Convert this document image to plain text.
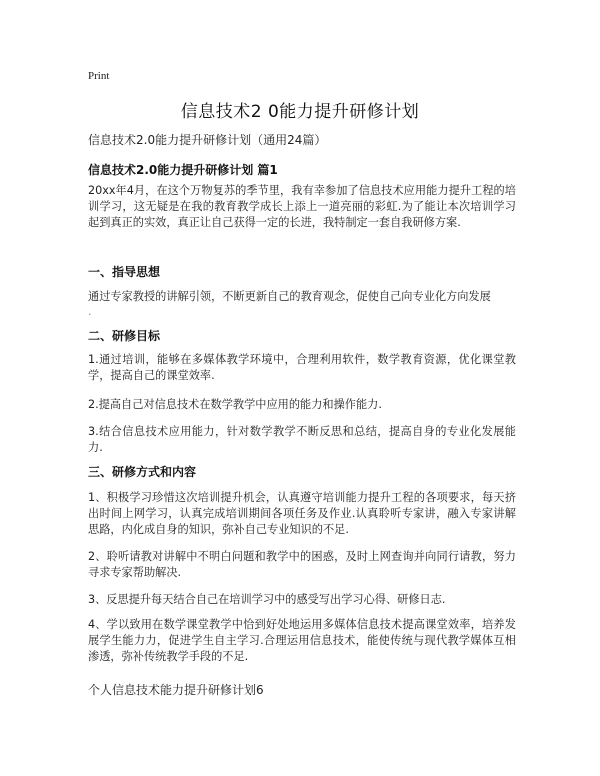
Print
信息技术2 0能力提升研修计划
信息技术2.0能力提升研修计划（通用24篇）
信息技术2.0能力提升研修计划 篇1
20xx年4月，在这个万物复苏的季节里，我有幸参加了信息技术应用能力提升工程的培训学习，这无疑是在我的教育教学成长上添上一道亮丽的彩虹.为了能让本次培训学习起到真正的实效，真正让自己获得一定的长进，我特制定一套自我研修方案.
一、指导思想
通过专家教授的讲解引领，不断更新自己的教育观念，促使自己向专业化方向发展
.
二、研修目标
1.通过培训，能够在多媒体教学环境中，合理利用软件，数学教育资源，优化课堂教学，提高自己的课堂效率.
2.提高自己对信息技术在数学教学中应用的能力和操作能力.
3.结合信息技术应用能力，针对数学教学不断反思和总结，提高自身的专业化发展能力.
三、研修方式和内容
1、积极学习珍惜这次培训提升机会，认真遵守培训能力提升工程的各项要求，每天挤出时间上网学习，认真完成培训期间各项任务及作业.认真聆听专家讲，融入专家讲解思路，内化成自身的知识，弥补自己专业知识的不足.
2、聆听请教对讲解中不明白问题和教学中的困惑，及时上网查询并向同行请教，努力寻求专家帮助解决.
3、反思提升每天结合自己在培训学习中的感受写出学习心得、研修日志.
4、学以致用在数学课堂教学中恰到好处地运用多媒体信息技术提高课堂效率，培养发展学生能力力，促进学生自主学习.合理运用信息技术，能使传统与现代教学媒体互相渗透，弥补传统教学手段的不足.
个人信息技术能力提升研修计划6
